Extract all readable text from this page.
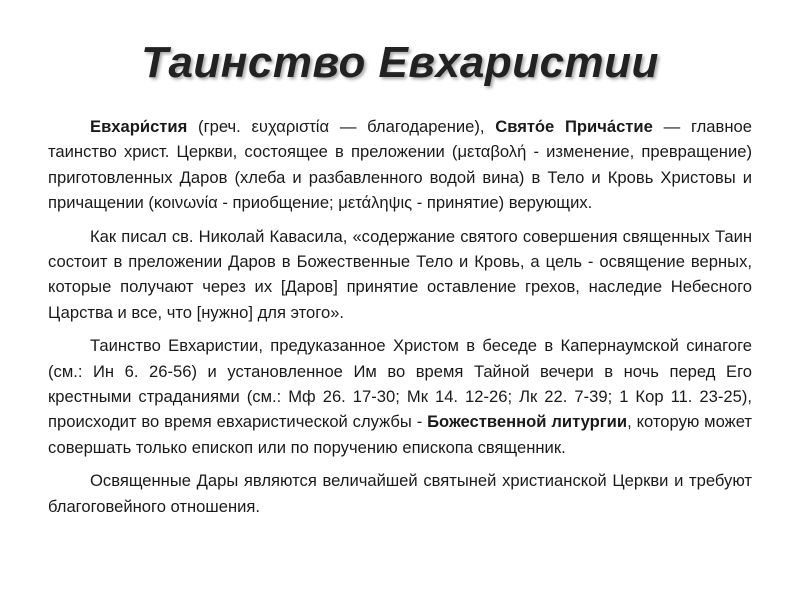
Таинство Евхаристии

Евхари́стия (греч. ευχαριστία — благодарение), Свято́е Прича́стие — главное таинство христ. Церкви, состоящее в преложении (μεταβολή - изменение, превращение) приготовленных Даров (хлеба и разбавленного водой вина) в Тело и Кровь Христовы и причащении (κοινωνία - приобщение; μετάληψις - принятие) верующих.

Как писал св. Николай Кавасила, «содержание святого совершения священных Таин состоит в преложении Даров в Божественные Тело и Кровь, а цель - освящение верных, которые получают через их [Даров] принятие оставление грехов, наследие Небесного Царства и все, что [нужно] для этого».

Таинство Евхаристии, предуказанное Христом в беседе в Капернаумской синагоге (см.: Ин 6. 26-56) и установленное Им во время Тайной вечери в ночь перед Его крестными страданиями (см.: Мф 26. 17-30; Мк 14. 12-26; Лк 22. 7-39; 1 Кор 11. 23-25), происходит во время евхаристической службы - Божественной литургии, которую может совершать только епископ или по поручению епископа священник.

Освященные Дары являются величайшей святыней христианской Церкви и требуют благоговейного отношения.
